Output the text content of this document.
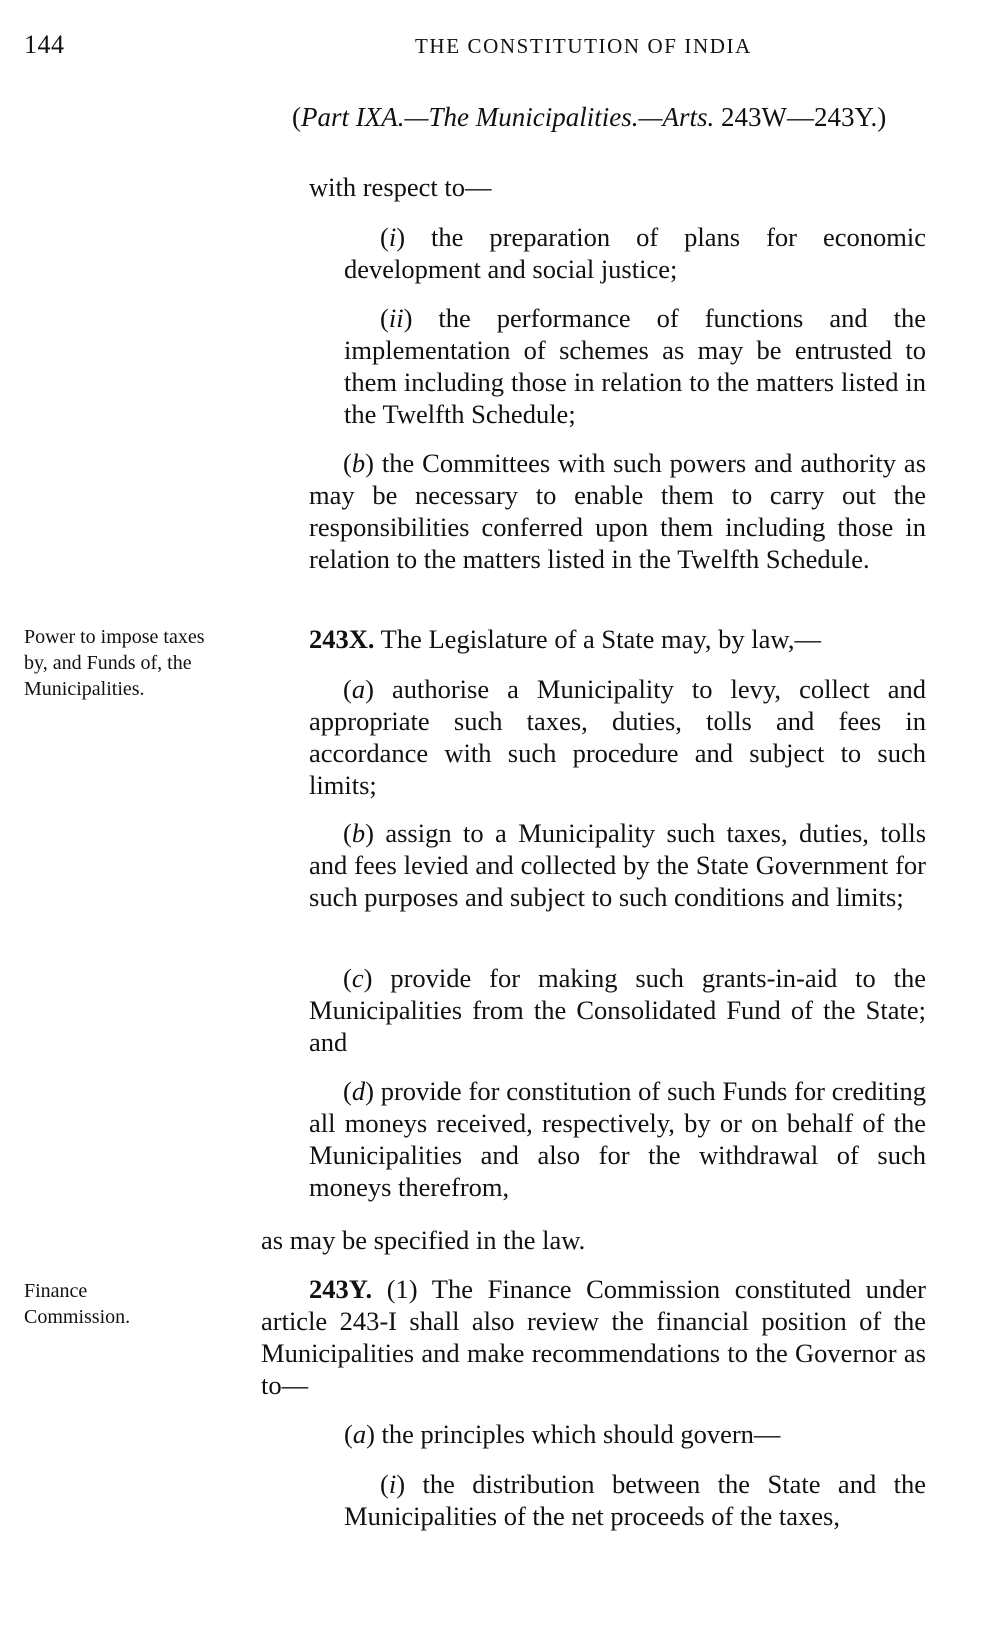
144	THE CONSTITUTION OF INDIA
(Part IXA.—The Municipalities.—Arts. 243W—243Y.)
Power to impose taxes by, and Funds of, the Municipalities.
Finance Commission.
with respect to—
(i) the preparation of plans for economic development and social justice;
(ii) the performance of functions and the implementation of schemes as may be entrusted to them including those in relation to the matters listed in the Twelfth Schedule;
(b) the Committees with such powers and authority as may be necessary to enable them to carry out the responsibilities conferred upon them including those in relation to the matters listed in the Twelfth Schedule.
243X. The Legislature of a State may, by law,—
(a) authorise a Municipality to levy, collect and appropriate such taxes, duties, tolls and fees in accordance with such procedure and subject to such limits;
(b) assign to a Municipality such taxes, duties, tolls and fees levied and collected by the State Government for such purposes and subject to such conditions and limits;
(c) provide for making such grants-in-aid to the Municipalities from the Consolidated Fund of the State; and
(d) provide for constitution of such Funds for crediting all moneys received, respectively, by or on behalf of the Municipalities and also for the withdrawal of such moneys therefrom,
as may be specified in the law.
243Y. (1) The Finance Commission constituted under article 243-I shall also review the financial position of the Municipalities and make recommendations to the Governor as to—
(a) the principles which should govern—
(i) the distribution between the State and the Municipalities of the net proceeds of the taxes,
